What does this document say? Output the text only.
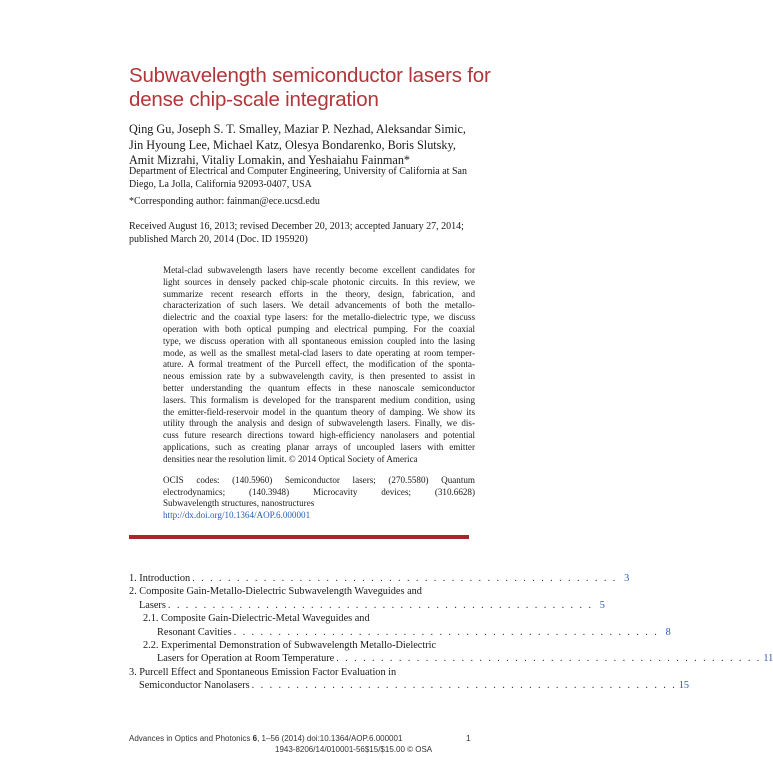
Subwavelength semiconductor lasers for
dense chip-scale integration
Qing Gu, Joseph S. T. Smalley, Maziar P. Nezhad, Aleksandar Simic, Jin Hyoung Lee, Michael Katz, Olesya Bondarenko, Boris Slutsky, Amit Mizrahi, Vitaliy Lomakin, and Yeshaiahu Fainman*
Department of Electrical and Computer Engineering, University of California at San Diego, La Jolla, California 92093-0407, USA
*Corresponding author: fainman@ece.ucsd.edu
Received August 16, 2013; revised December 20, 2013; accepted January 27, 2014; published March 20, 2014 (Doc. ID 195920)
Metal-clad subwavelength lasers have recently become excellent candidates for
light sources in densely packed chip-scale photonic circuits. In this review, we
summarize recent research efforts in the theory, design, fabrication, and
characterization of such lasers. We detail advancements of both the metallo-
dielectric and the coaxial type lasers: for the metallo-dielectric type, we discuss
operation with both optical pumping and electrical pumping. For the coaxial
type, we discuss operation with all spontaneous emission coupled into the lasing
mode, as well as the smallest metal-clad lasers to date operating at room temper-
ature. A formal treatment of the Purcell effect, the modification of the sponta-
neous emission rate by a subwavelength cavity, is then presented to assist in
better understanding the quantum effects in these nanoscale semiconductor
lasers. This formalism is developed for the transparent medium condition, using
the emitter-field-reservoir model in the quantum theory of damping. We show its
utility through the analysis and design of subwavelength lasers. Finally, we dis-
cuss future research directions toward high-efficiency nanolasers and potential
applications, such as creating planar arrays of uncoupled lasers with emitter
densities near the resolution limit. © 2014 Optical Society of America
OCIS codes: (140.5960) Semiconductor lasers; (270.5580) Quantum
electrodynamics; (140.3948) Microcavity devices; (310.6628)
Subwavelength structures, nanostructures
http://dx.doi.org/10.1364/AOP.6.000001
1. Introduction . . . . . . . . . . . . . . . . . . . . . . . . . . . . . . . . . . . . . . . . . . . . . . . . 3
2. Composite Gain-Metallo-Dielectric Subwavelength Waveguides and
Lasers . . . . . . . . . . . . . . . . . . . . . . . . . . . . . . . . . . . . . . . . . . . . . . . . 5
2.1. Composite Gain-Dielectric-Metal Waveguides and
Resonant Cavities . . . . . . . . . . . . . . . . . . . . . . . . . . . . . . . . . . . . . . . . . . . . . . . . 8
2.2. Experimental Demonstration of Subwavelength Metallo-Dielectric
Lasers for Operation at Room Temperature . . . . . . . . . . . . . . . . . . . . . . . . . . . . . . . . . . . . . . . . . . . . . . . . 11
3. Purcell Effect and Spontaneous Emission Factor Evaluation in
Semiconductor Nanolasers . . . . . . . . . . . . . . . . . . . . . . . . . . . . . . . . . . . . . . . . . . . . . . . . 15
Advances in Optics and Photonics 6, 1–56 (2014) doi:10.1364/AOP.6.000001
1943-8206/14/010001-56$15/$15.00 © OSA
1
